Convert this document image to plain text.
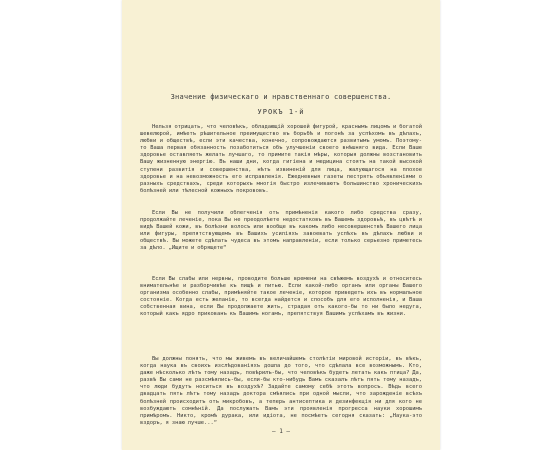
Значение физическаго и нравственнаго совершенства.
УРОКЪ 1-й

Нельзя отрицать, что человѣкъ, обладающій хорошей фигурой, краснымъ лицомъ и богатой шевелюрой, имѣетъ рѣшительное преимущество въ борьбѣ и погонѣ за успѣхомъ въ дѣлахъ, любви и обществѣ, если эти качества, конечно, сопровождаются развитымъ умомъ. Поэтому-то Ваша первая обязанность позаботиться объ улучшеніи своего внѣшняго вида. Если Ваше здоровье оставляетъ желать лучшаго, то примите такія мѣры, которыя должны возстановить Вашу жизненную энергію. Въ наши дни, когда гигіена и медицина стоятъ на такой высокой ступени развитія и совершенства, нѣтъ извиненій для лица, жалующагося на плохое здоровье и на невозможность его исправленія. Ежедневныя газеты пестрятъ объявленіями о разныхъ средствахъ, среди которыхъ многія быстро излечиваютъ большинство хроническихъ болѣзней или тѣлесной кожныхъ покрововъ.

Если Вы не получили облегченія отъ примѣненія какого либо средства сразу, продолжайте леченіе, пока Вы не преодолѣете недостатковъ въ Вашемъ здоровьѣ, въ цвѣтѣ и видѣ Вашей кожи, въ болѣзни волосъ или вообще въ какомъ либо несовершенствѣ Вашего лица или фигуры, препятствующемъ въ Вашихъ усиліяхъ завоевать успѣхъ въ дѣлахъ любви и обществѣ. Вы можете сдѣлать чудеса въ этомъ направленіи, если только серьезно приметесь за дѣло. „Ищите и обрящете“

Если Вы слабы или нервны, проводите больше времени на свѣжемъ воздухѣ и относитесь внимательнѣе и разборчивѣе къ пищѣ и питью. Если какой-либо органъ или органы Вашего организма особенно слабы, примѣняйте такое леченіе, которое приведетъ ихъ въ нормальное состояніе. Когда есть желаніе, то всегда найдется и способъ для его исполненія, и Ваша собственная вина, если Вы продолжаете жить, страдая отъ какого-бы то ни было недуга, который какъ ядро прикованъ къ Вашимъ ногамъ, препятствуя Вашимъ успѣхамъ въ жизни.

Вы должны понять, что мы живемъ въ величайшемъ столѣтіи мировой исторіи, въ вѣкъ, когда наука въ своихъ изслѣдованіяхъ дошла до того, что сдѣлала все возможнымъ. Кто, даже нѣсколько лѣтъ тому назадъ, повѣрилъ-бы, что человѣкъ будетъ летать какъ птица? Да, развѣ Вы сами не разсмѣялись-бы, если-бы кто-нибудь Вамъ сказалъ лѣтъ пять тому назадъ, что люди будутъ носиться въ воздухѣ? Задайте самому себѣ этотъ вопросъ. Вѣдь всего двадцать пять лѣтъ тому назадъ доктора смѣялись при одной мысли, что зарожденіе всѣхъ болѣзней происходитъ отъ микробовъ, а теперь антисептика и дезинфекція ни для кого не возбуждаютъ сомнѣній. Да послужатъ Вамъ эти проявленія прогресса науки хорошимъ примѣромъ. Никто, кромѣ дурака, или идіота, не посмѣетъ сегодня сказать: „Наука-это вздоръ, я знаю лучше...“

— 1 —
